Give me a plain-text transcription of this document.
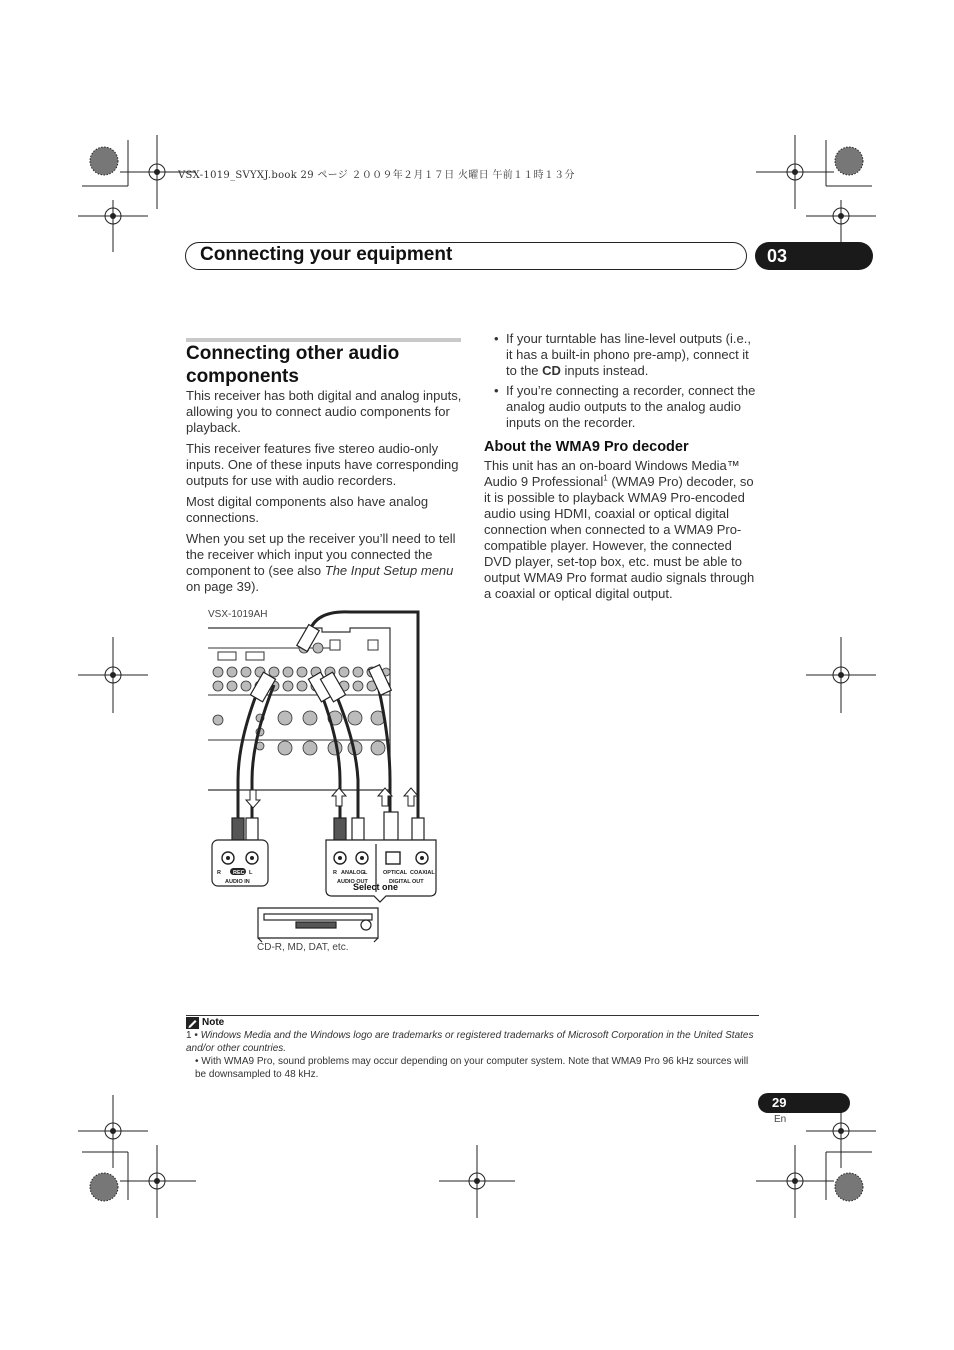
VSX-1019_SVYXJ.book 29 ページ ２００９年２月１７日 火曜日 午前１１時１３分
Connecting your equipment	03
Connecting other audio components

This receiver has both digital and analog inputs, allowing you to connect audio components for playback.

This receiver features five stereo audio-only inputs. One of these inputs have corresponding outputs for use with audio recorders.

Most digital components also have analog connections.

When you set up the receiver you’ll need to tell the receiver which input you connected the component to (see also The Input Setup menu on page 39).

• If your turntable has line-level outputs (i.e., it has a built-in phono pre-amp), connect it to the CD inputs instead.
• If you’re connecting a recorder, connect the analog audio outputs to the analog audio inputs on the recorder.
About the WMA9 Pro decoder

This unit has an on-board Windows Media™ Audio 9 Professional$^1$ (WMA9 Pro) decoder, so it is possible to playback WMA9 Pro-encoded audio using HDMI, coaxial or optical digital connection when connected to a WMA9 Pro-compatible player. However, the connected DVD player, set-top box, etc. must be able to output WMA9 Pro format audio signals through a coaxial or optical digital output.

VSX-1019AH
R REC L
AUDIO IN
R ANALOG L
AUDIO OUT
OPTICAL COAXIAL
DIGITAL OUT
Select one
CD-R, MD, DAT, etc.
Note

1 • Windows Media and the Windows logo are trademarks or registered trademarks of Microsoft Corporation in the United States and/or other countries.

• With WMA9 Pro, sound problems may occur depending on your computer system. Note that WMA9 Pro 96 kHz sources will be downsampled to 48 kHz.

29
En
